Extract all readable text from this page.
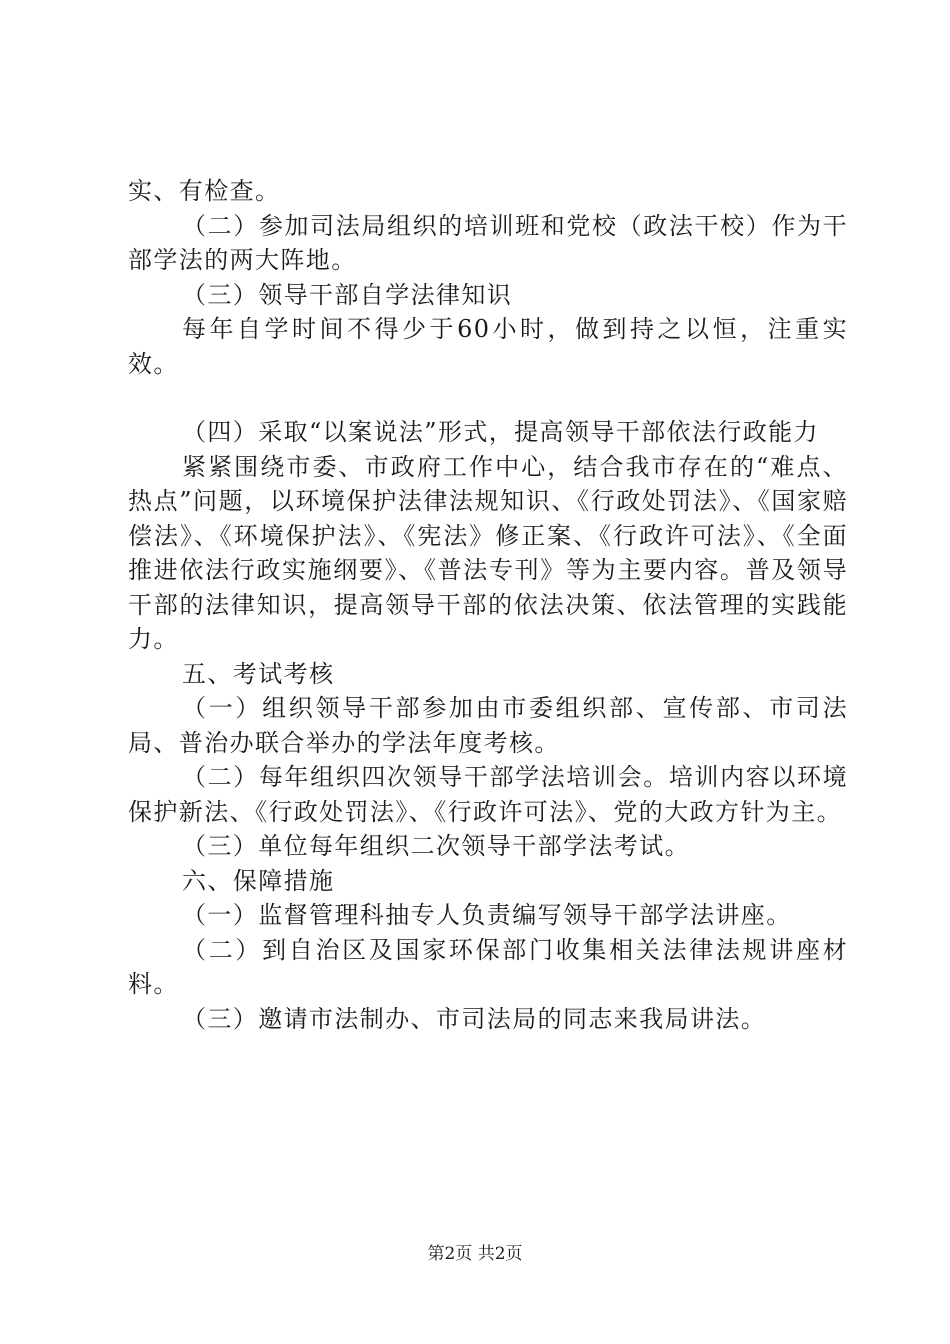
实、有检查。

（二）参加司法局组织的培训班和党校（政法干校）作为干部学法的两大阵地。

（三）领导干部自学法律知识

每年自学时间不得少于60小时，做到持之以恒，注重实效。

（四）采取“以案说法”形式，提高领导干部依法行政能力

紧紧围绕市委、市政府工作中心，结合我市存在的“难点、热点”问题，以环境保护法律法规知识、《行政处罚法》、《国家赔偿法》、《环境保护法》、《宪法》修正案、《行政许可法》、《全面推进依法行政实施纲要》、《普法专刊》等为主要内容。普及领导干部的法律知识，提高领导干部的依法决策、依法管理的实践能力。

五、考试考核

（一）组织领导干部参加由市委组织部、宣传部、市司法局、普治办联合举办的学法年度考核。

（二）每年组织四次领导干部学法培训会。培训内容以环境保护新法、《行政处罚法》、《行政许可法》、党的大政方针为主。

（三）单位每年组织二次领导干部学法考试。

六、保障措施

（一）监督管理科抽专人负责编写领导干部学法讲座。

（二）到自治区及国家环保部门收集相关法律法规讲座材料。

（三）邀请市法制办、市司法局的同志来我局讲法。

第2页 共2页
